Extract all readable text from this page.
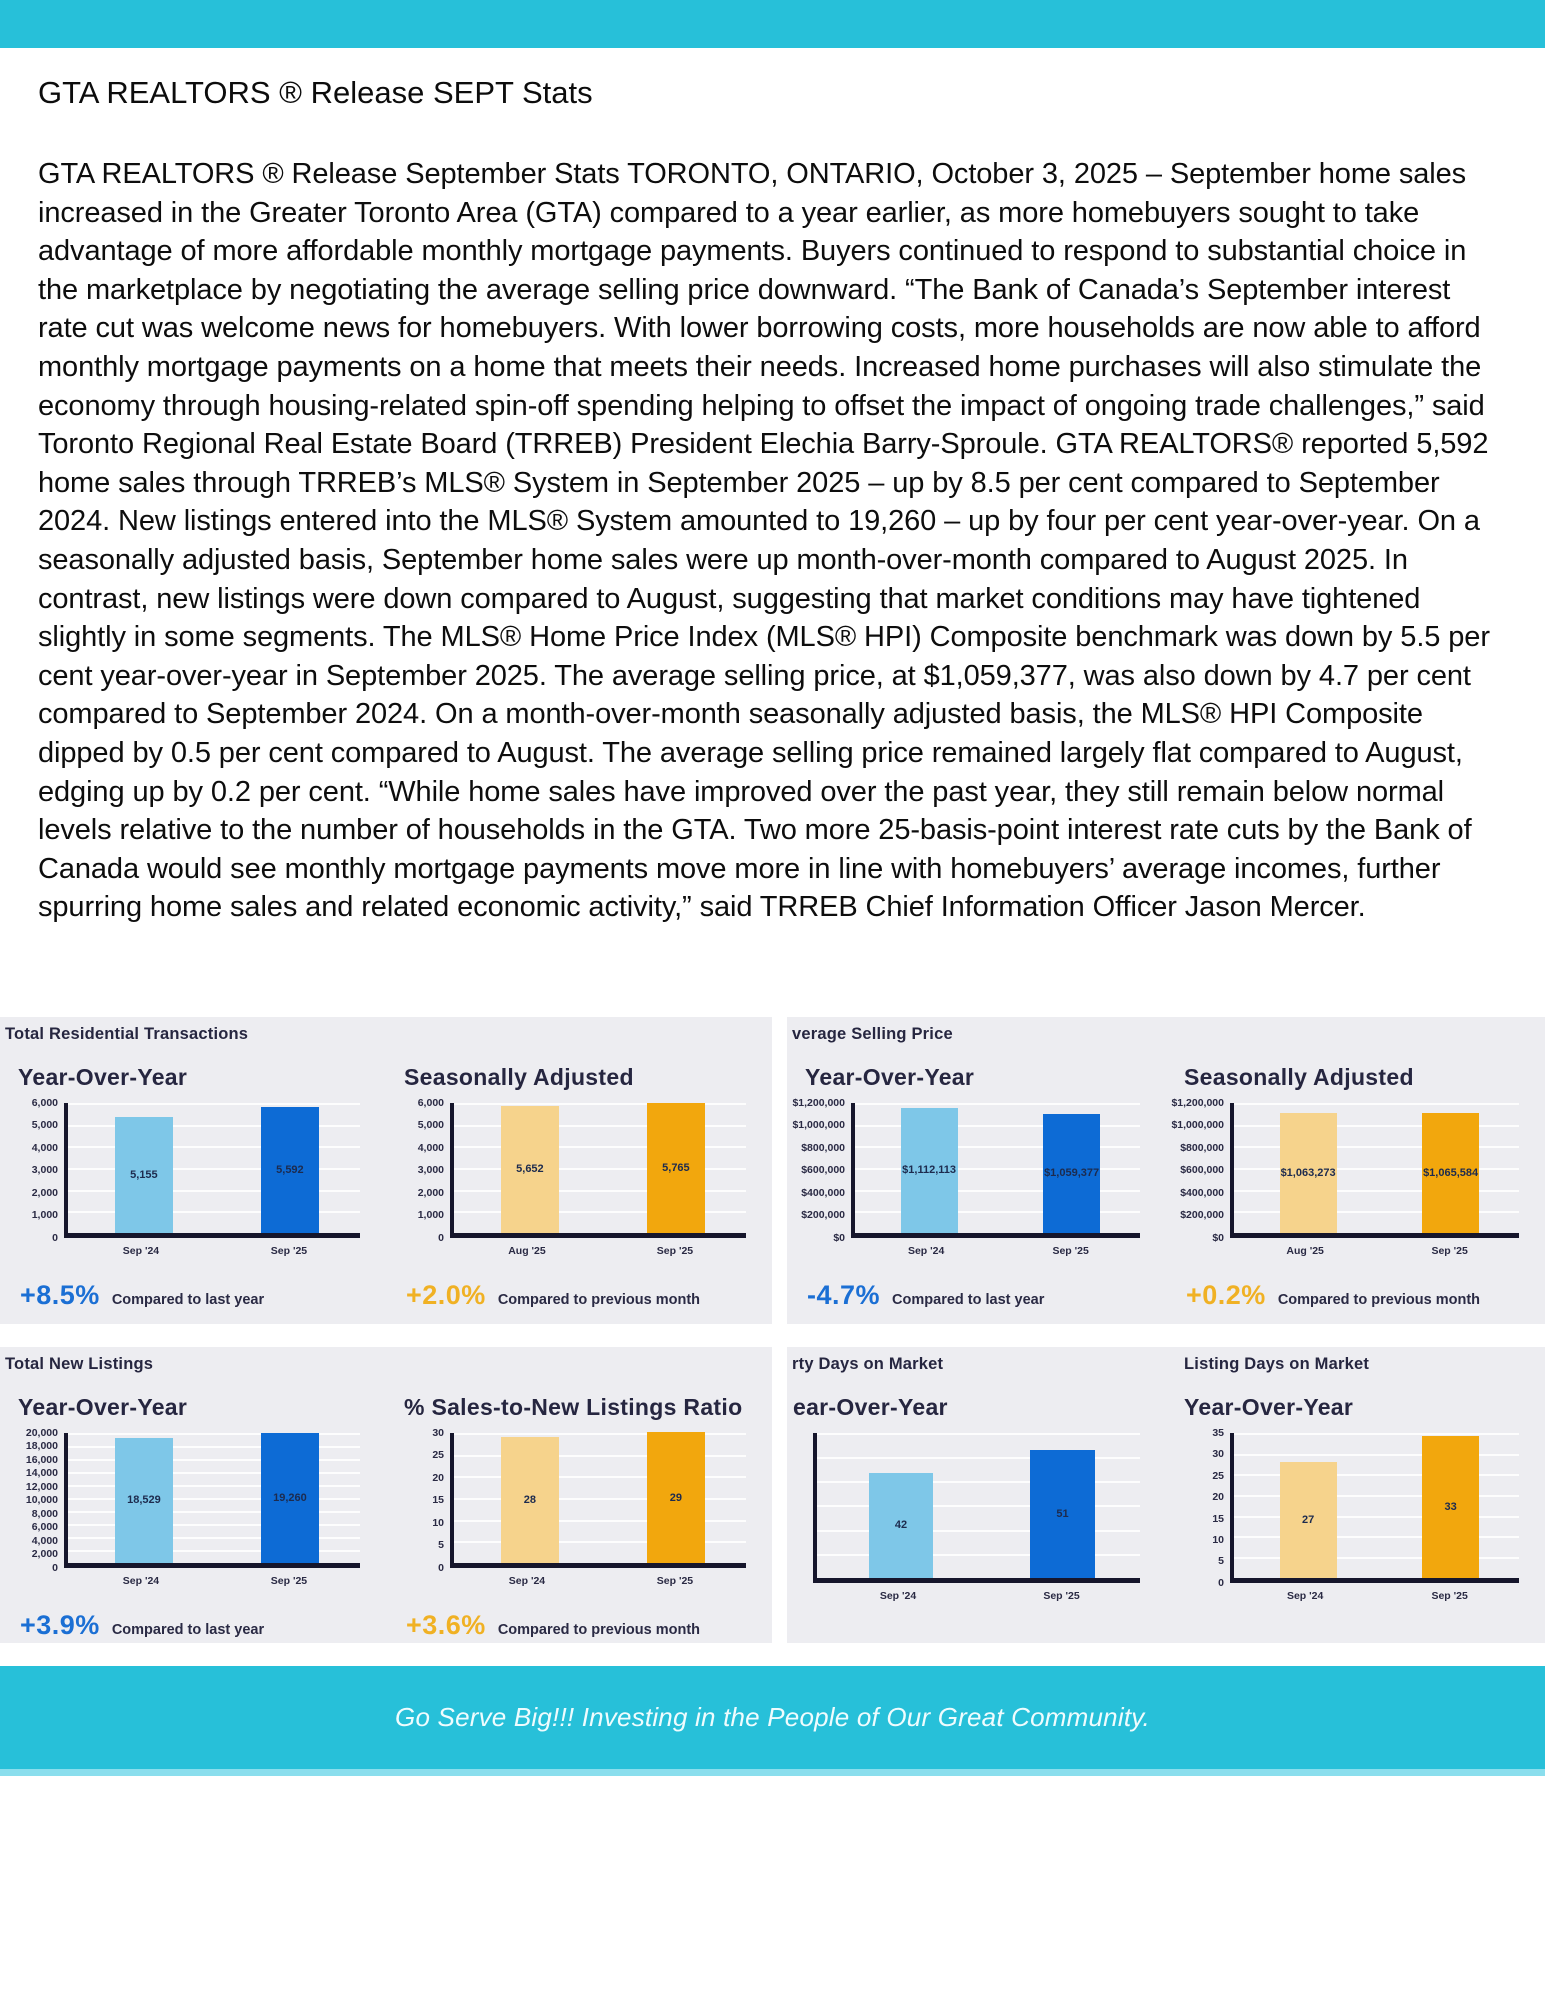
GTA REALTORS ® Release SEPT Stats

GTA REALTORS ® Release September Stats TORONTO, ONTARIO, October 3, 2025 – September home sales increased in the Greater Toronto Area (GTA) compared to a year earlier, as more homebuyers sought to take advantage of more affordable monthly mortgage payments. Buyers continued to respond to substantial choice in the marketplace by negotiating the average selling price downward. “The Bank of Canada’s September interest rate cut was welcome news for homebuyers. With lower borrowing costs, more households are now able to afford monthly mortgage payments on a home that meets their needs. Increased home purchases will also stimulate the economy through housing-related spin-off spending helping to offset the impact of ongoing trade challenges,” said Toronto Regional Real Estate Board (TRREB) President Elechia Barry-Sproule. GTA REALTORS® reported 5,592 home sales through TRREB’s MLS® System in September 2025 – up by 8.5 per cent compared to September 2024. New listings entered into the MLS® System amounted to 19,260 – up by four per cent year-over-year. On a seasonally adjusted basis, September home sales were up month-over-month compared to August 2025. In contrast, new listings were down compared to August, suggesting that market conditions may have tightened slightly in some segments. The MLS® Home Price Index (MLS® HPI) Composite benchmark was down by 5.5 per cent year-over-year in September 2025. The average selling price, at $1,059,377, was also down by 4.7 per cent compared to September 2024. On a month-over-month seasonally adjusted basis, the MLS® HPI Composite dipped by 0.5 per cent compared to August. The average selling price remained largely flat compared to August, edging up by 0.2 per cent. “While home sales have improved over the past year, they still remain below normal levels relative to the number of households in the GTA. Two more 25-basis-point interest rate cuts by the Bank of Canada would see monthly mortgage payments move more in line with homebuyers’ average incomes, further spurring home sales and related economic activity,” said TRREB Chief Information Officer Jason Mercer.

Total Residential Transactions
Year-Over-Year
6,000
5,000
4,000
3,000
2,000
1,000
0
5,155	5,592
Sep '24	Sep '25
+8.5% Compared to last year
Seasonally Adjusted
6,000
5,000
4,000
3,000
2,000
1,000
0
5,652	5,765
Aug '25	Sep '25
+2.0% Compared to previous month
verage Selling Price
Year-Over-Year
$1,200,000
$1,000,000
$800,000
$600,000
$400,000
$200,000
$0
$1,112,113	$1,059,377
Sep '24	Sep '25
-4.7% Compared to last year
Seasonally Adjusted
$1,200,000
$1,000,000
$800,000
$600,000
$400,000
$200,000
$0
$1,063,273	$1,065,584
Aug '25	Sep '25
+0.2% Compared to previous month
Total New Listings
Year-Over-Year
20,000
18,000
16,000
14,000
12,000
10,000
8,000
6,000
4,000
2,000
0
18,529	19,260
Sep '24	Sep '25
+3.9% Compared to last year
% Sales-to-New Listings Ratio
30
25
20
15
10
5
0
28	29
Sep '24	Sep '25
+3.6% Compared to previous month
rty Days on Market	Listing Days on Market
ear-Over-Year
42
51
Sep '24	Sep '25
Year-Over-Year
35
30
25
20
15
10
5
0
27
33
Sep '24	Sep '25
Go Serve Big!!! Investing in the People of Our Great Community.
